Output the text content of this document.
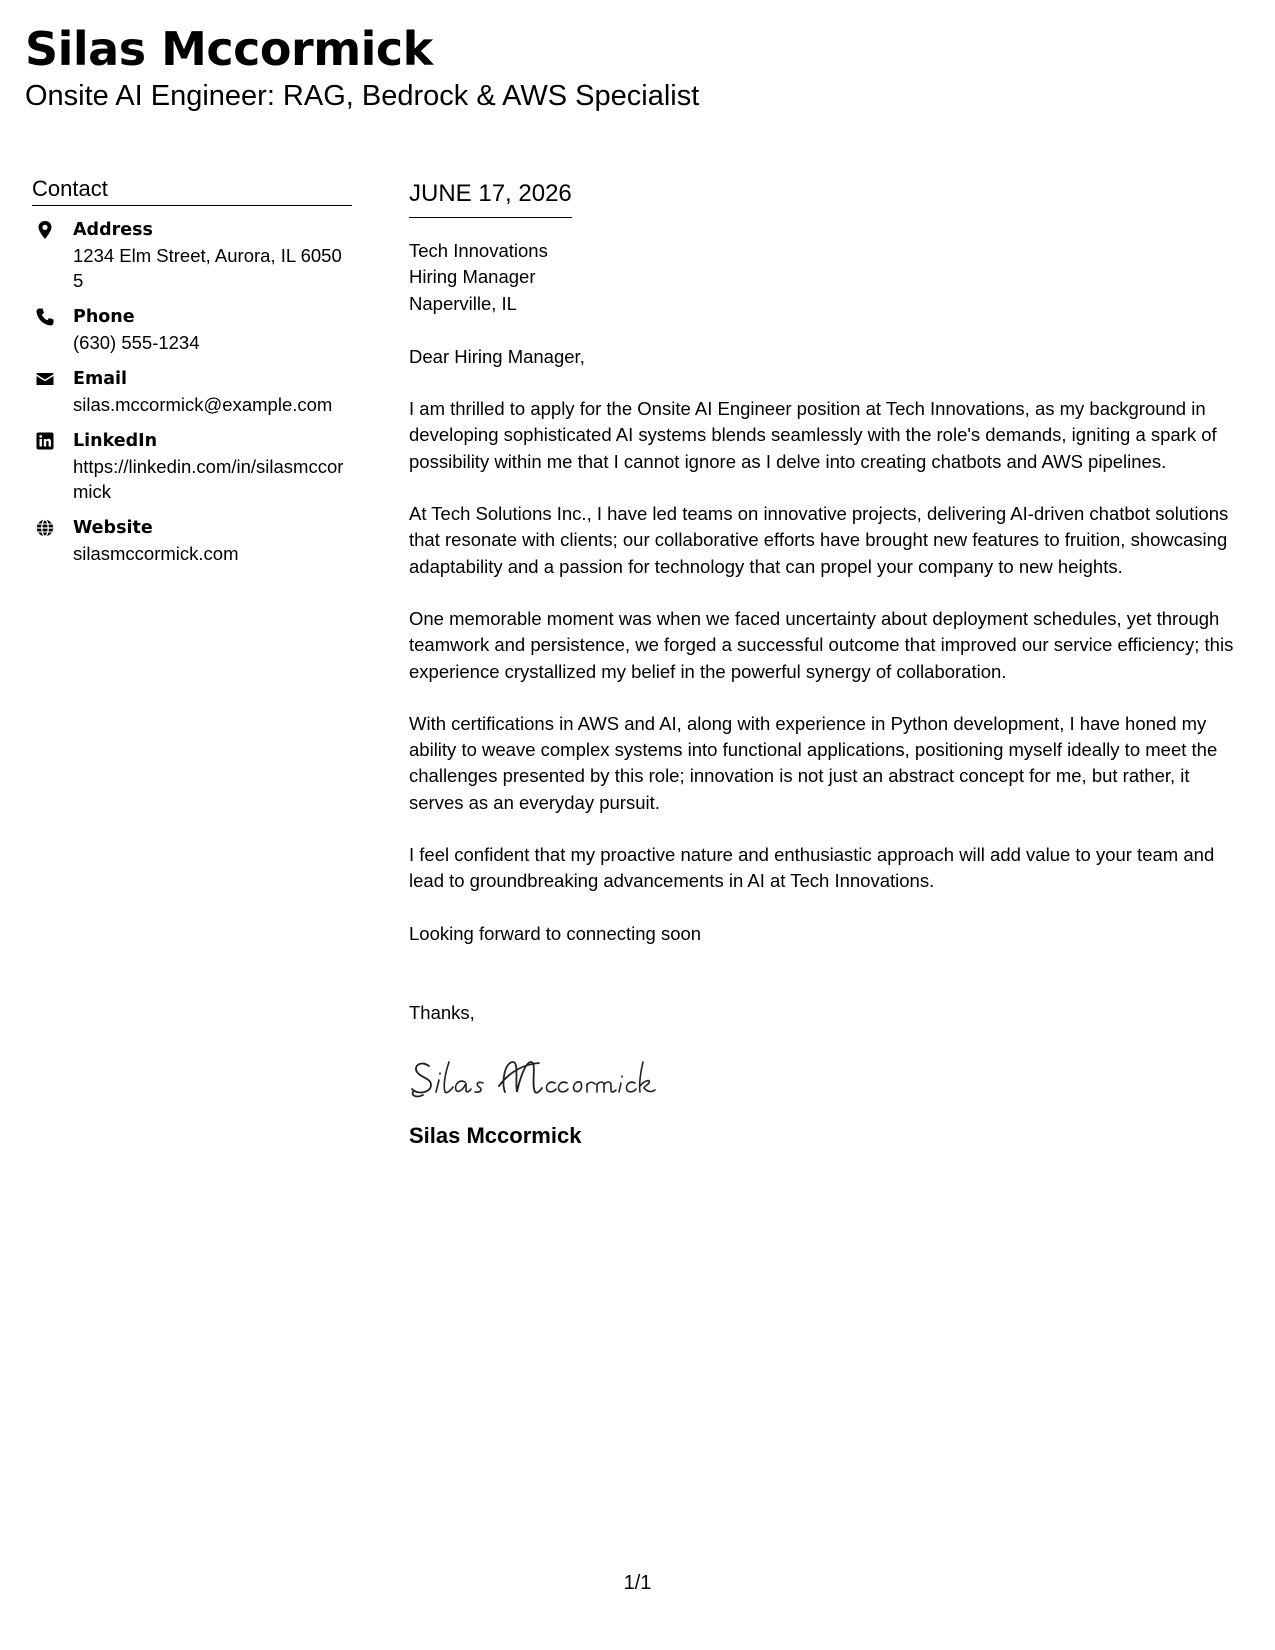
Silas Mccormick

Onsite AI Engineer: RAG, Bedrock & AWS Specialist

Contact
Address
1234 Elm Street, Aurora, IL 60505
Phone
(630) 555-1234
Email
silas.mccormick@example.com
LinkedIn
https://linkedin.com/in/silasmccormick
Website
silasmccormick.com
JUNE 17, 2026
Tech Innovations
Hiring Manager
Naperville, IL
Dear Hiring Manager,
I am thrilled to apply for the Onsite AI Engineer position at Tech Innovations, as my background in developing sophisticated AI systems blends seamlessly with the role's demands, igniting a spark of possibility within me that I cannot ignore as I delve into creating chatbots and AWS pipelines.
At Tech Solutions Inc., I have led teams on innovative projects, delivering AI-driven chatbot solutions that resonate with clients; our collaborative efforts have brought new features to fruition, showcasing adaptability and a passion for technology that can propel your company to new heights.
One memorable moment was when we faced uncertainty about deployment schedules, yet through teamwork and persistence, we forged a successful outcome that improved our service efficiency; this experience crystallized my belief in the powerful synergy of collaboration.
With certifications in AWS and AI, along with experience in Python development, I have honed my ability to weave complex systems into functional applications, positioning myself ideally to meet the challenges presented by this role; innovation is not just an abstract concept for me, but rather, it serves as an everyday pursuit.
I feel confident that my proactive nature and enthusiastic approach will add value to your team and lead to groundbreaking advancements in AI at Tech Innovations.
Looking forward to connecting soon
Thanks,
Silas Mccormick
1/1
